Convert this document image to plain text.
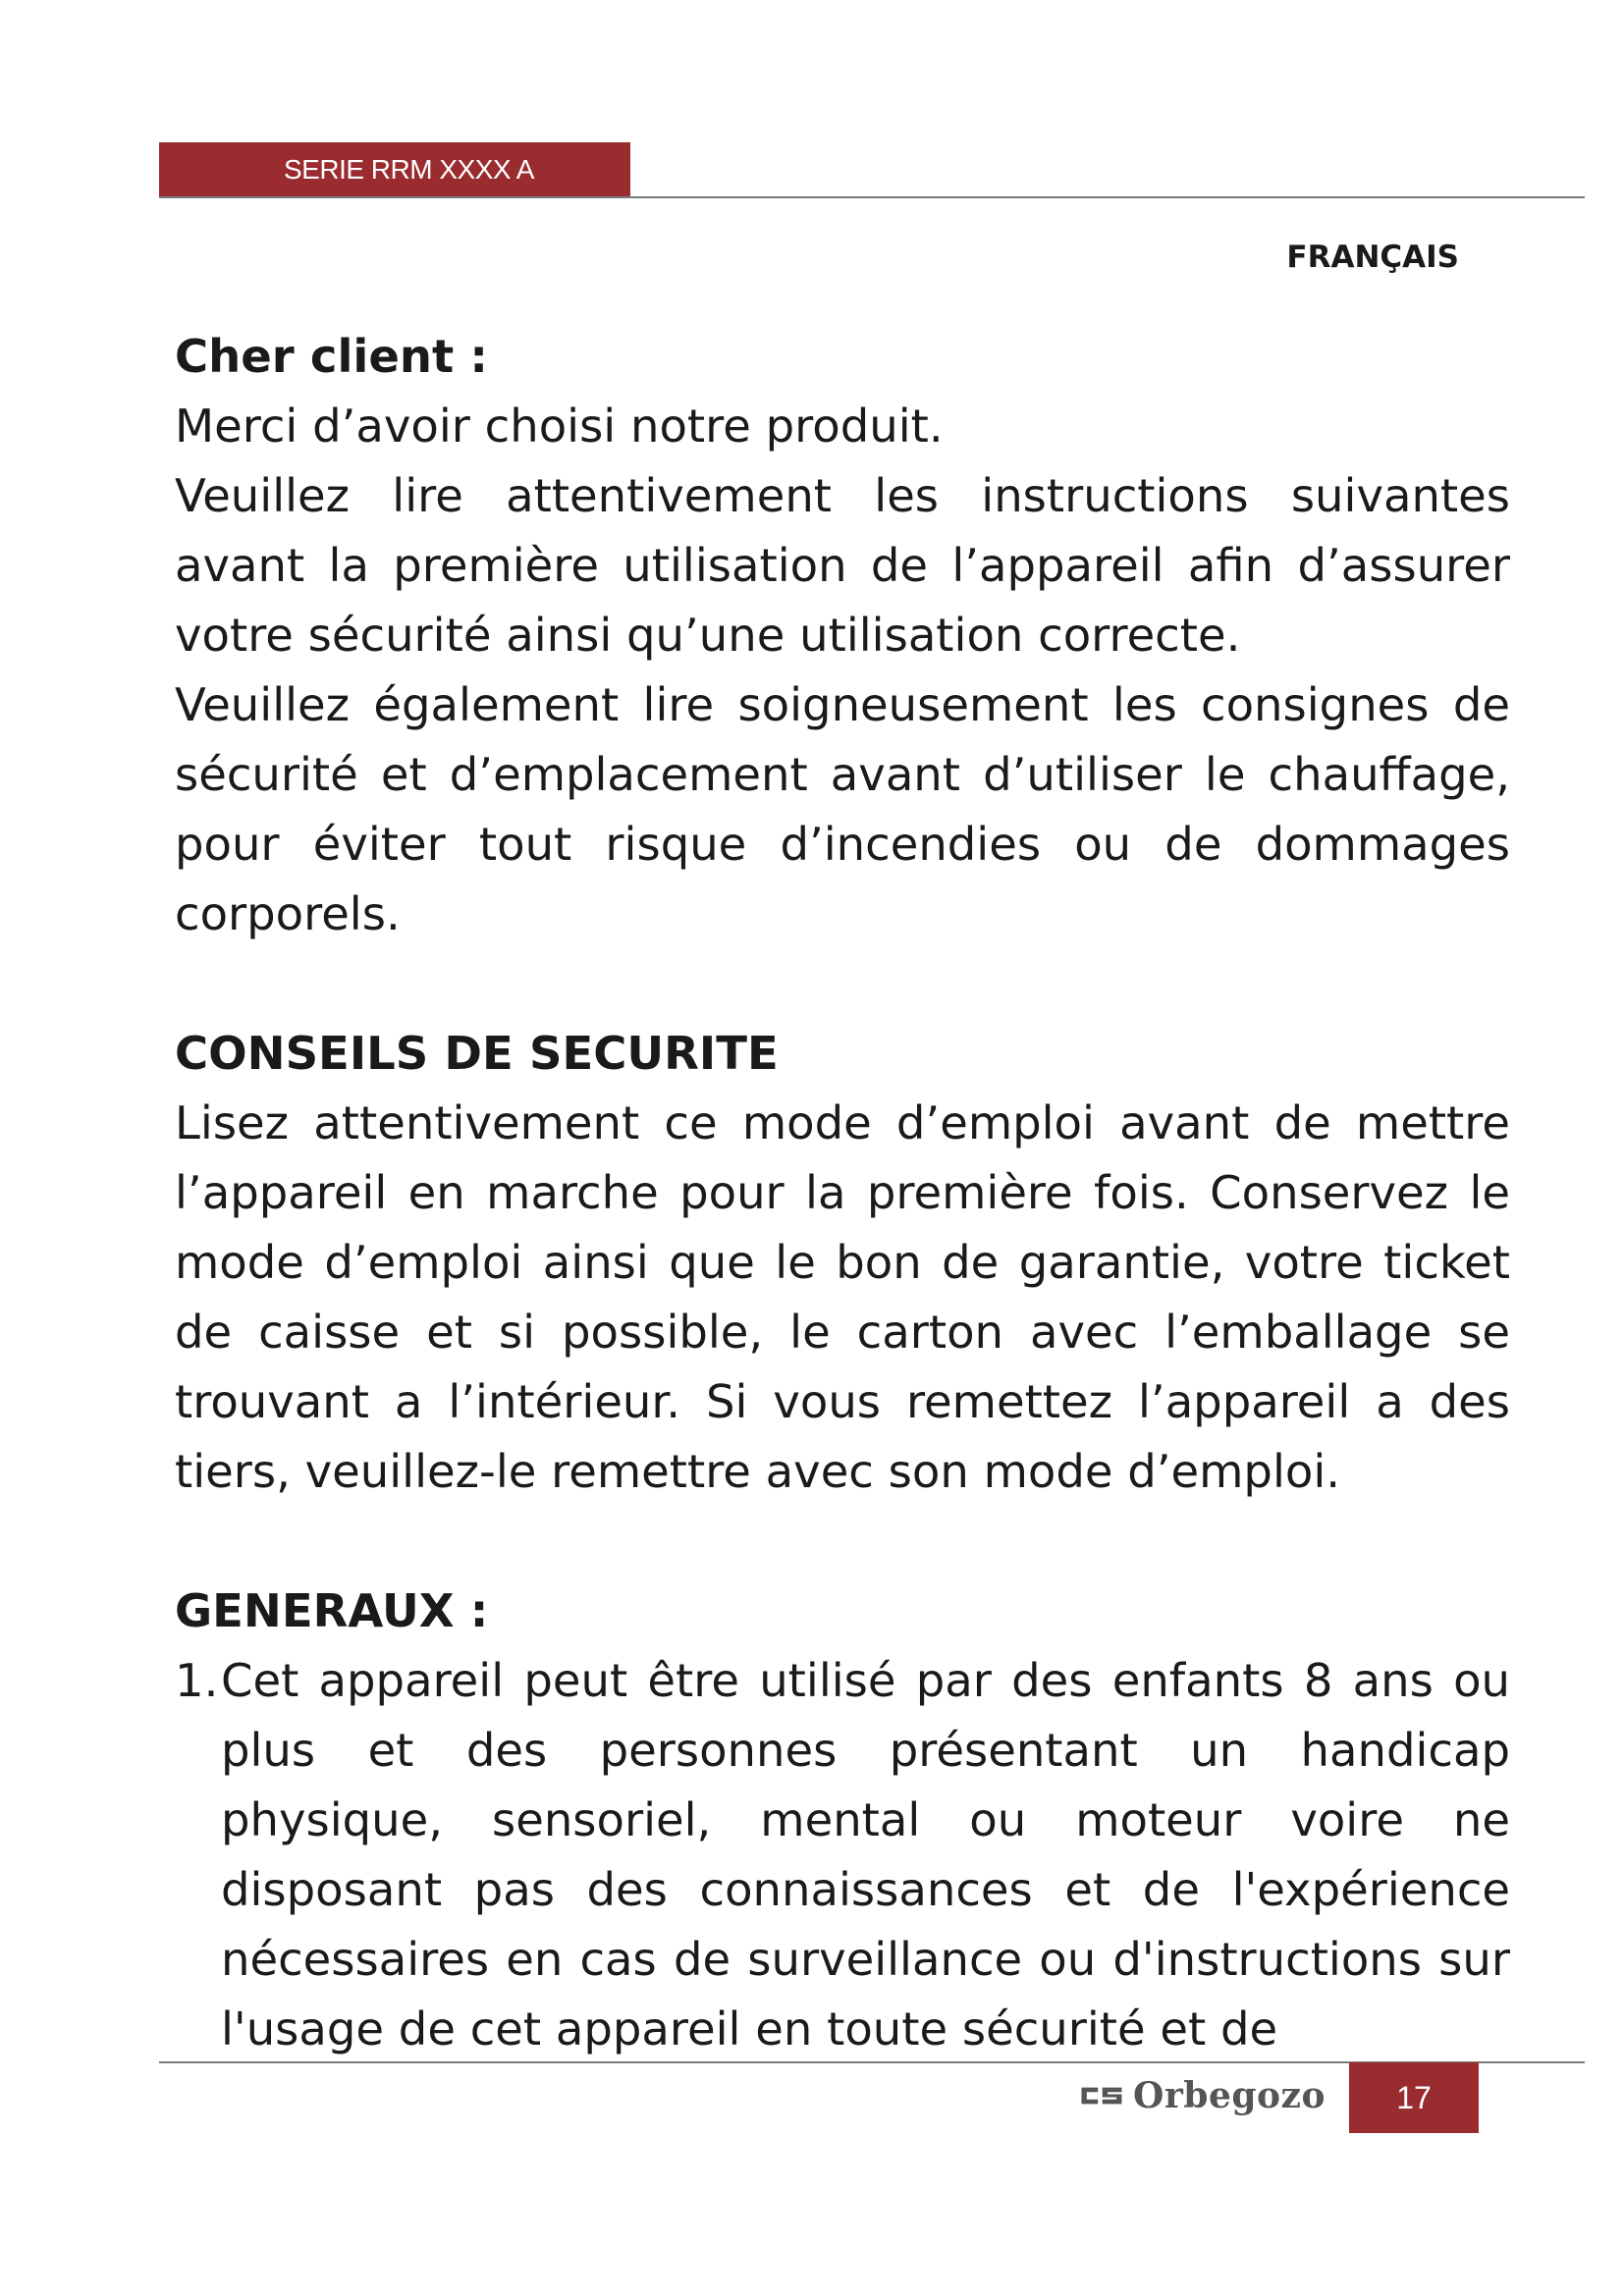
SERIE RRM XXXX A
FRANÇAIS
Cher client :

Merci d’avoir choisi notre produit.

Veuillez lire attentivement les instructions suivantes avant la première utilisation de l’appareil afin d’assurer votre sécurité ainsi qu’une utilisation correcte.

Veuillez également lire soigneusement les consignes de sécurité et d’emplacement avant d’utiliser le chauffage, pour éviter tout risque d’incendies ou de dommages corporels.

CONSEILS DE SECURITE

Lisez attentivement ce mode d’emploi avant de mettre l’appareil en marche pour la première fois. Conservez le mode d’emploi ainsi que le bon de garantie, votre ticket de caisse et si possible, le carton avec l’emballage se trouvant a l’intérieur. Si vous remettez l’appareil a des tiers, veuillez-le remettre avec son mode d’emploi.

GENERAUX :
1. Cet appareil peut être utilisé par des enfants 8 ans ou plus et des personnes présentant un handicap physique, sensoriel, mental ou moteur voire ne disposant pas des connaissances et de l'expérience nécessaires en cas de surveillance ou d'instructions sur l'usage de cet appareil en toute sécurité et de
Orbegozo 17
